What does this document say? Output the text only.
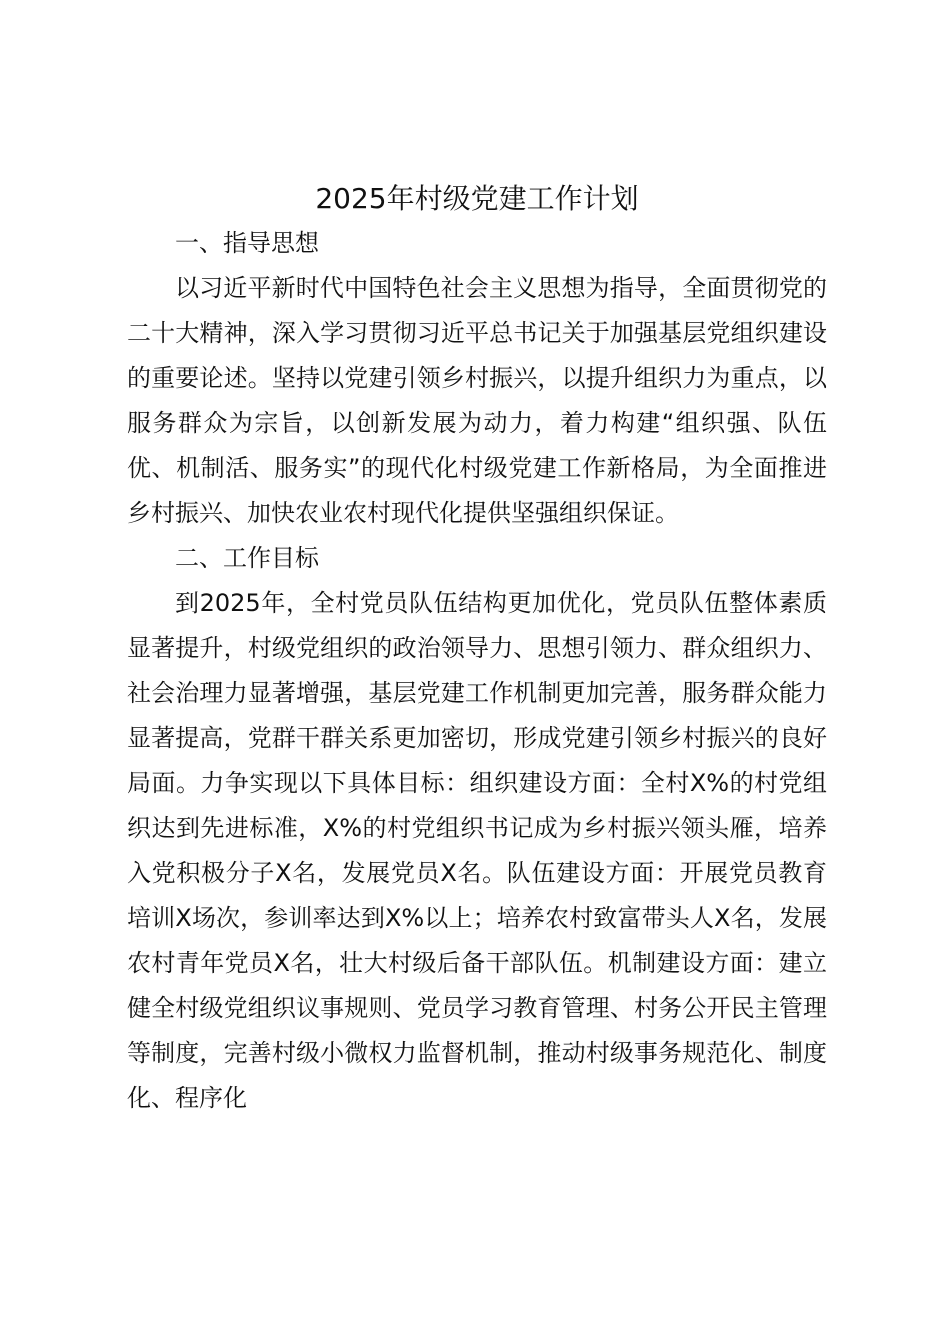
2025年村级党建工作计划
一、指导思想

以习近平新时代中国特色社会主义思想为指导，全面贯彻党的二十大精神，深入学习贯彻习近平总书记关于加强基层党组织建设的重要论述。坚持以党建引领乡村振兴，以提升组织力为重点，以服务群众为宗旨，以创新发展为动力，着力构建“组织强、队伍优、机制活、服务实”的现代化村级党建工作新格局，为全面推进乡村振兴、加快农业农村现代化提供坚强组织保证。

二、工作目标

到2025年，全村党员队伍结构更加优化，党员队伍整体素质显著提升，村级党组织的政治领导力、思想引领力、群众组织力、社会治理力显著增强，基层党建工作机制更加完善，服务群众能力显著提高，党群干群关系更加密切，形成党建引领乡村振兴的良好局面。力争实现以下具体目标：组织建设方面：全村X%的村党组织达到先进标准，X%的村党组织书记成为乡村振兴领头雁，培养入党积极分子X名，发展党员X名。队伍建设方面：开展党员教育培训X场次，参训率达到X%以上；培养农村致富带头人X名，发展农村青年党员X名，壮大村级后备干部队伍。机制建设方面：建立健全村级党组织议事规则、党员学习教育管理、村务公开民主管理等制度，完善村级小微权力监督机制，推动村级事务规范化、制度化、程序化
